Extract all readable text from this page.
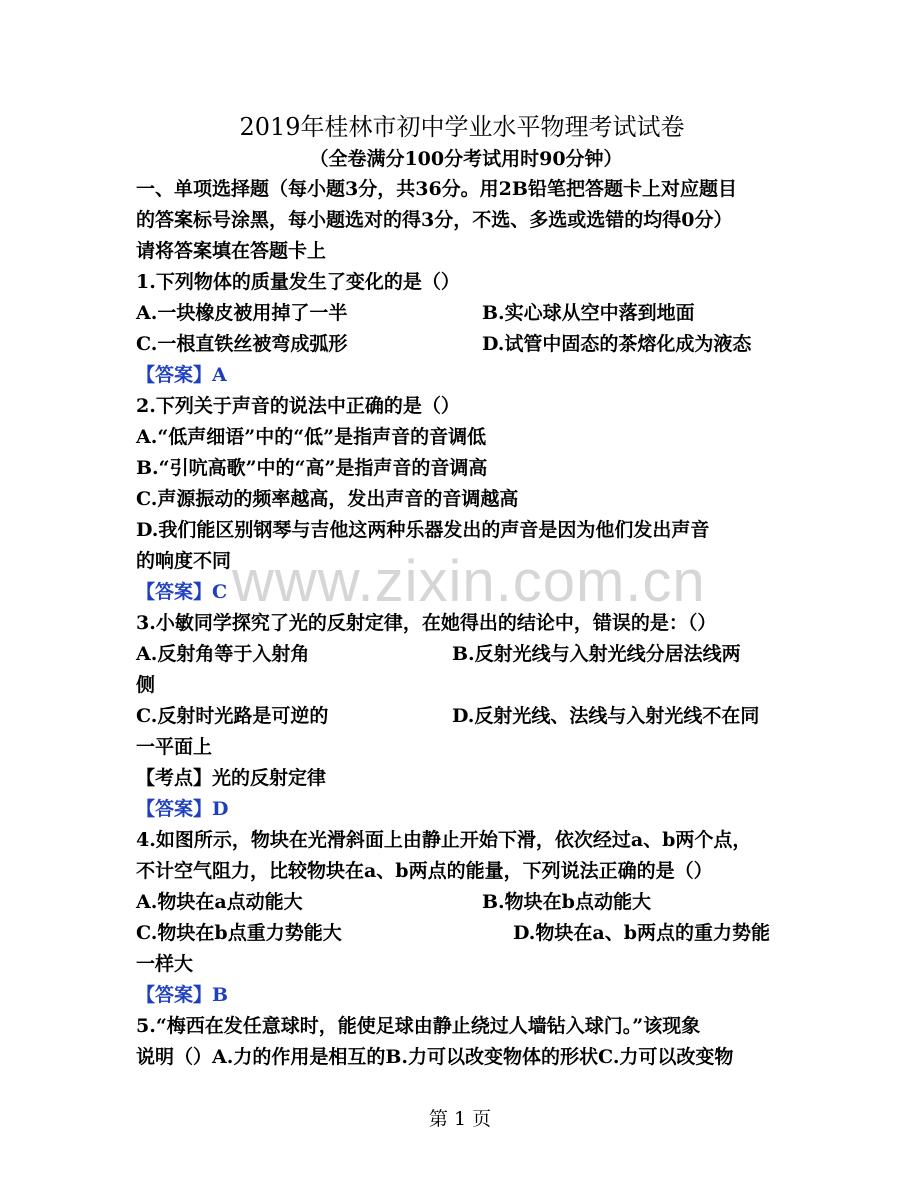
www.zixin.com.cn
2019年桂林市初中学业水平物理考试试卷
（全卷满分100分考试用时90分钟）
一、单项选择题（每小题3分，共36分。用2B铅笔把答题卡上对应题目
的答案标号涂黑，每小题选对的得3分，不选、多选或选错的均得0分）
请将答案填在答题卡上
1.下列物体的质量发生了变化的是（）
A.一块橡皮被用掉了一半	B.实心球从空中落到地面
C.一根直铁丝被弯成弧形	D.试管中固态的茶熔化成为液态
【答案】A
2.下列关于声音的说法中正确的是（）
A.“低声细语”中的“低”是指声音的音调低
B.“引吭高歌”中的“高”是指声音的音调高
C.声源振动的频率越高，发出声音的音调越高
D.我们能区别钢琴与吉他这两种乐器发出的声音是因为他们发出声音
的响度不同
【答案】C
3.小敏同学探究了光的反射定律，在她得出的结论中，错误的是：（）
A.反射角等于入射角	B.反射光线与入射光线分居法线两
侧
C.反射时光路是可逆的	D.反射光线、法线与入射光线不在同
一平面上
【考点】光的反射定律
【答案】D
4.如图所示，物块在光滑斜面上由静止开始下滑，依次经过a、b两个点，
不计空气阻力，比较物块在a、b两点的能量，下列说法正确的是（）
A.物块在a点动能大	B.物块在b点动能大
C.物块在b点重力势能大	D.物块在a、b两点的重力势能
一样大
【答案】B
5.“梅西在发任意球时，能使足球由静止绕过人墙钻入球门。”该现象
说明（）A.力的作用是相互的B.力可以改变物体的形状C.力可以改变物
第 1 页
